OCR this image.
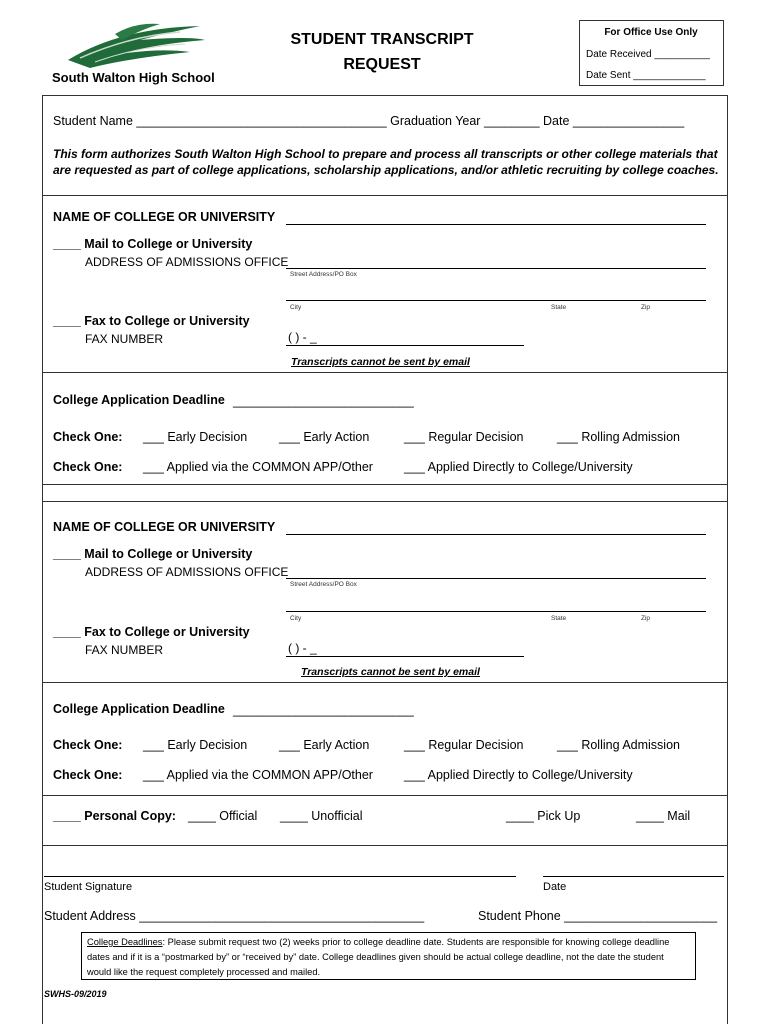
South Walton High School
STUDENT TRANSCRIPT
REQUEST
For Office Use Only
Date Received __________
Date Sent _____________
Student Name ____________________________________ Graduation Year ________ Date ________________
This form authorizes South Walton High School to prepare and process all transcripts or other college materials that are requested as part of college applications, scholarship applications, and/or athletic recruiting by college coaches.
NAME OF COLLEGE OR UNIVERSITY
____ Mail to College or University
ADDRESS OF ADMISSIONS OFFICE
Street Address/PO Box
City	State	Zip
____ Fax to College or University
FAX NUMBER	( ) - _
Transcripts cannot be sent by email
College Application Deadline __________________________
Check One: ___ Early Decision	___ Early Action	___ Regular Decision	___ Rolling Admission
Check One: ___ Applied via the COMMON APP/Other ___ Applied Directly to College/University
NAME OF COLLEGE OR UNIVERSITY
____ Mail to College or University
ADDRESS OF ADMISSIONS OFFICE
Street Address/PO Box
City	State	Zip
____ Fax to College or University
FAX NUMBER	( ) - _
Transcripts cannot be sent by email
College Application Deadline __________________________
Check One: ___ Early Decision	___ Early Action	___ Regular Decision	___ Rolling Admission
Check One: ___ Applied via the COMMON APP/Other ___ Applied Directly to College/University
____ Personal Copy: ____ Official ____ Unofficial	____ Pick Up	____ Mail
Student Signature	Date
Student Address _________________________________________	Student Phone ______________________
College Deadlines: Please submit request two (2) weeks prior to college deadline date. Students are responsible for knowing college deadline dates and if it is a “postmarked by” or “received by” date. College deadlines given should be actual college deadline, not the date the student would like the request completely processed and mailed.
SWHS-09/2019
